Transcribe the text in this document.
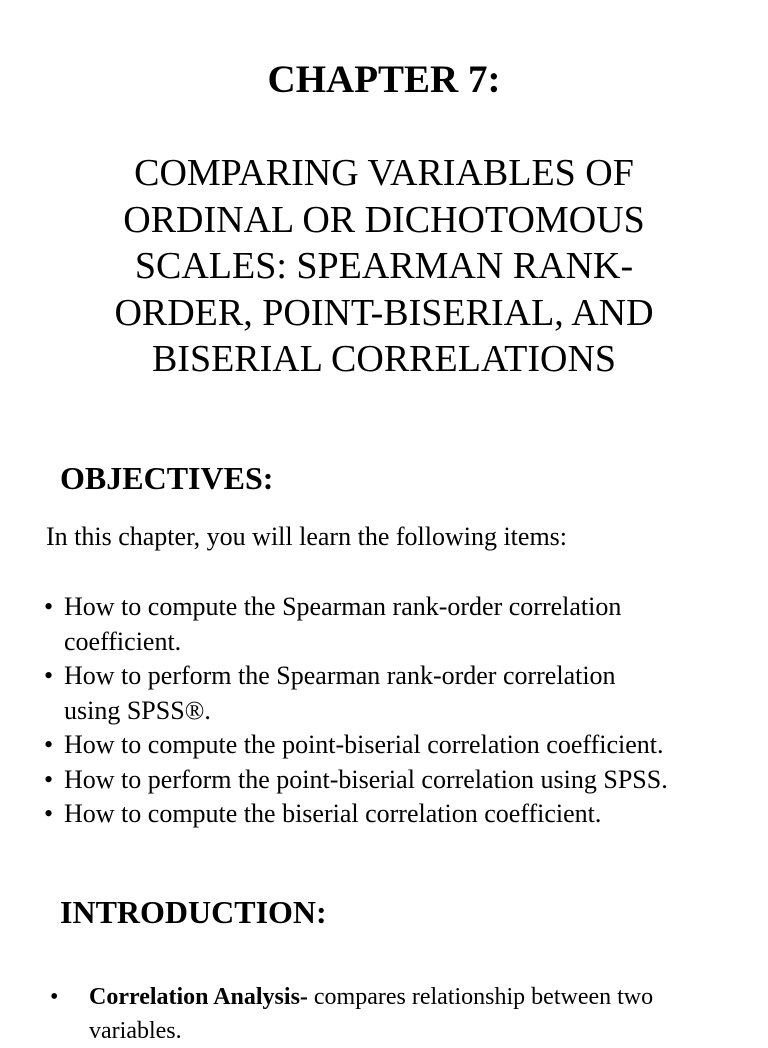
CHAPTER 7:
COMPARING VARIABLES OF
ORDINAL OR DICHOTOMOUS
SCALES: SPEARMAN RANK-
ORDER, POINT-BISERIAL, AND
BISERIAL CORRELATIONS
OBJECTIVES:

In this chapter, you will learn the following items:

• How to compute the Spearman rank-order correlation
coefficient.
• How to perform the Spearman rank-order correlation
using SPSS®.
• How to compute the point-biserial correlation coefficient.
• How to perform the point-biserial correlation using SPSS.
• How to compute the biserial correlation coefficient.
INTRODUCTION:
• Correlation Analysis- compares relationship between two variables.
